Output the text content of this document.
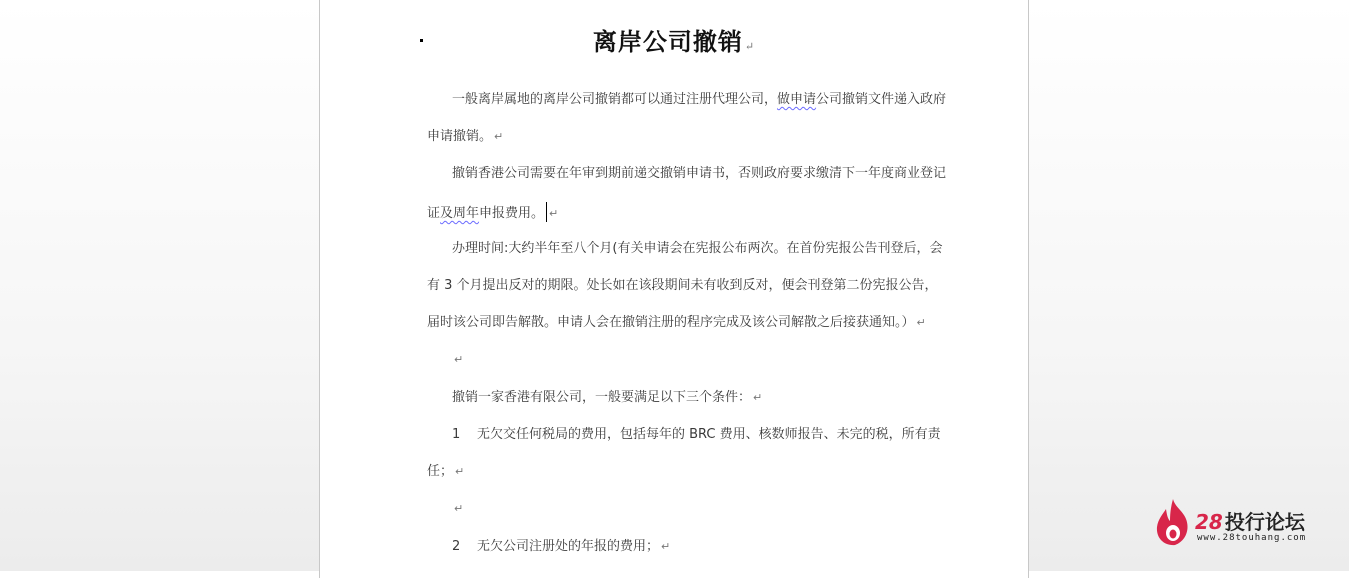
离岸公司撤销 ↵
一般离岸属地的离岸公司撤销都可以通过注册代理公司，做申请公司撤销文件递入政府
申请撤销。 ↵
撤销香港公司需要在年审到期前递交撤销申请书，否则政府要求缴清下一年度商业登记
证及周年申报费用。 ↵
办理时间:大约半年至八个月(有关申请会在宪报公布两次。在首份宪报公告刊登后，会
有 3 个月提出反对的期限。处长如在该段期间未有收到反对，便会刊登第二份宪报公告，
届时该公司即告解散。申请人会在撤销注册的程序完成及该公司解散之后接获通知。） ↵
↵
撤销一家香港有限公司，一般要满足以下三个条件： ↵
1 无欠交任何税局的费用，包括每年的 BRC 费用、核数师报告、未完的税，所有责
任； ↵
↵
2 无欠公司注册处的年报的费用； ↵
28 投行论坛
www.28touhang.com
